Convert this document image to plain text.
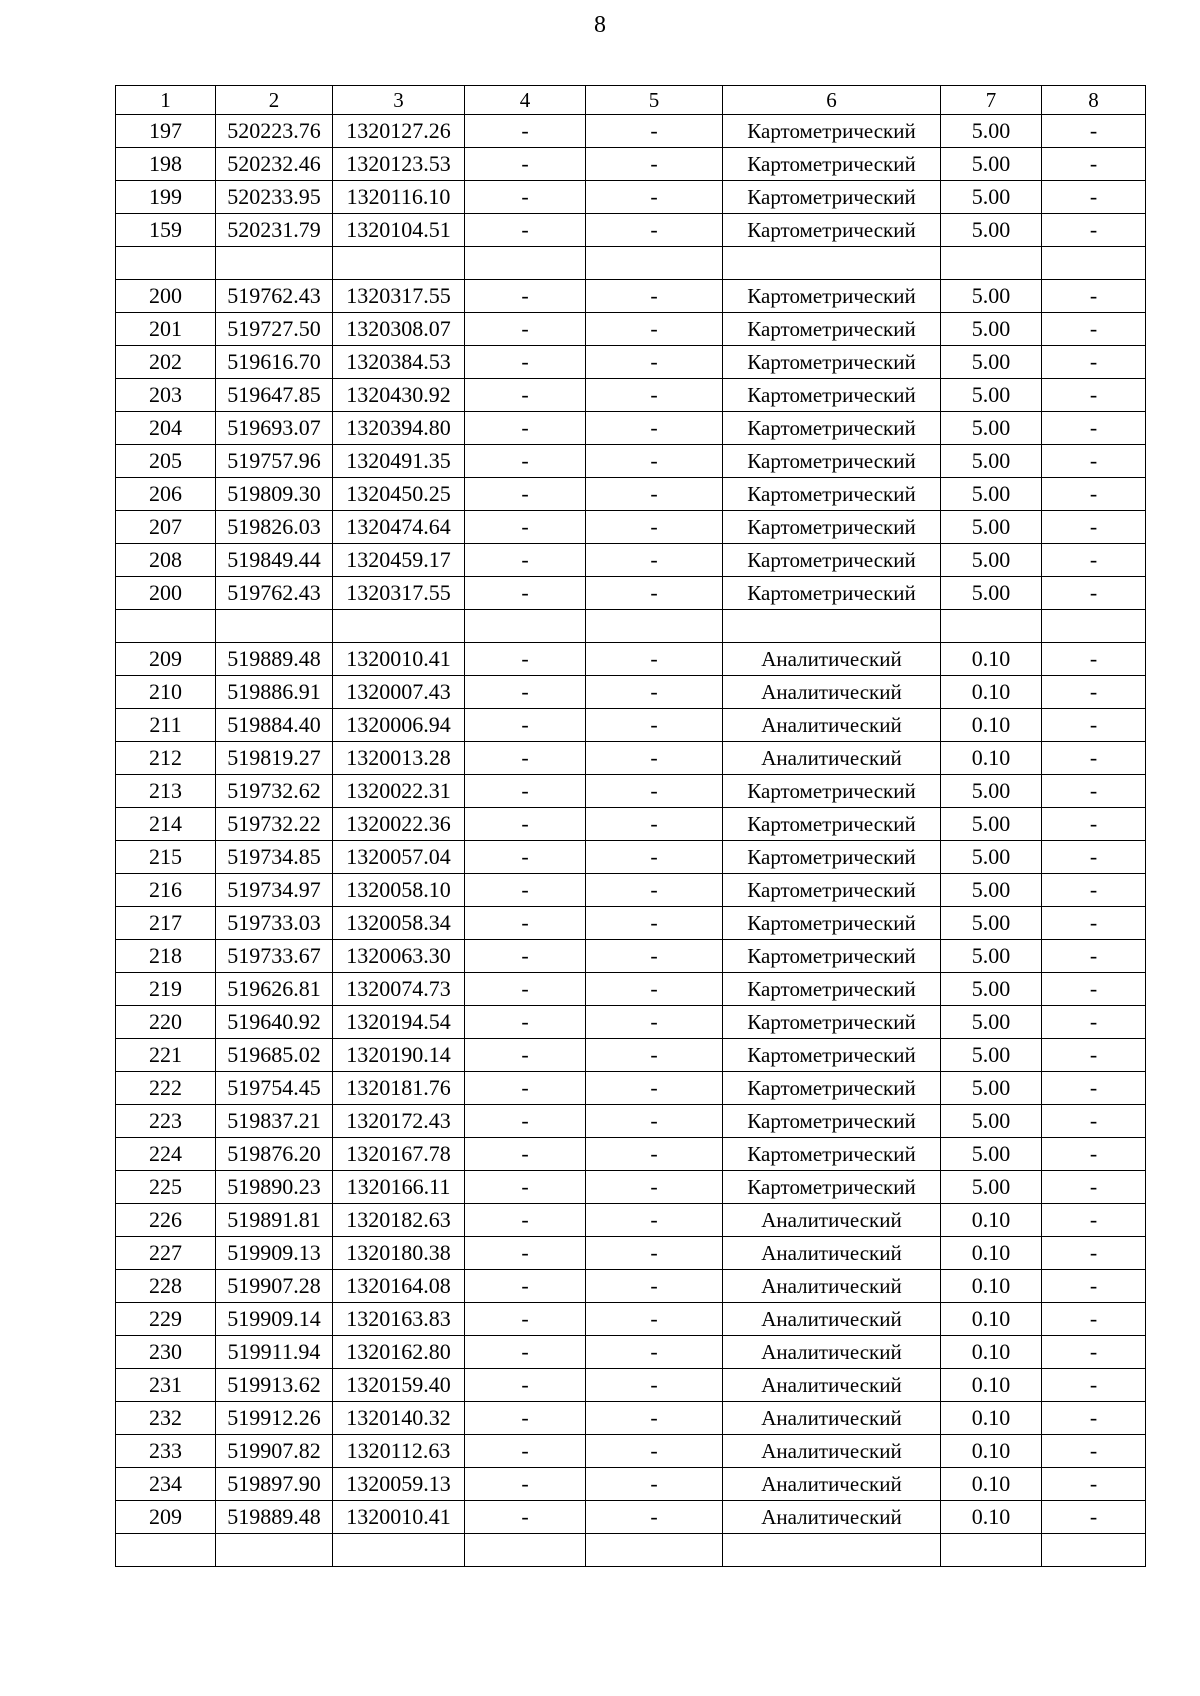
8
1	2	3	4	5	6	7	8
197	520223.76	1320127.26	-	-	Картометрический	5.00	-
198	520232.46	1320123.53	-	-	Картометрический	5.00	-
199	520233.95	1320116.10	-	-	Картометрический	5.00	-
159	520231.79	1320104.51	-	-	Картометрический	5.00	-

200	519762.43	1320317.55	-	-	Картометрический	5.00	-
201	519727.50	1320308.07	-	-	Картометрический	5.00	-
202	519616.70	1320384.53	-	-	Картометрический	5.00	-
203	519647.85	1320430.92	-	-	Картометрический	5.00	-
204	519693.07	1320394.80	-	-	Картометрический	5.00	-
205	519757.96	1320491.35	-	-	Картометрический	5.00	-
206	519809.30	1320450.25	-	-	Картометрический	5.00	-
207	519826.03	1320474.64	-	-	Картометрический	5.00	-
208	519849.44	1320459.17	-	-	Картометрический	5.00	-
200	519762.43	1320317.55	-	-	Картометрический	5.00	-

209	519889.48	1320010.41	-	-	Аналитический	0.10	-
210	519886.91	1320007.43	-	-	Аналитический	0.10	-
211	519884.40	1320006.94	-	-	Аналитический	0.10	-
212	519819.27	1320013.28	-	-	Аналитический	0.10	-
213	519732.62	1320022.31	-	-	Картометрический	5.00	-
214	519732.22	1320022.36	-	-	Картометрический	5.00	-
215	519734.85	1320057.04	-	-	Картометрический	5.00	-
216	519734.97	1320058.10	-	-	Картометрический	5.00	-
217	519733.03	1320058.34	-	-	Картометрический	5.00	-
218	519733.67	1320063.30	-	-	Картометрический	5.00	-
219	519626.81	1320074.73	-	-	Картометрический	5.00	-
220	519640.92	1320194.54	-	-	Картометрический	5.00	-
221	519685.02	1320190.14	-	-	Картометрический	5.00	-
222	519754.45	1320181.76	-	-	Картометрический	5.00	-
223	519837.21	1320172.43	-	-	Картометрический	5.00	-
224	519876.20	1320167.78	-	-	Картометрический	5.00	-
225	519890.23	1320166.11	-	-	Картометрический	5.00	-
226	519891.81	1320182.63	-	-	Аналитический	0.10	-
227	519909.13	1320180.38	-	-	Аналитический	0.10	-
228	519907.28	1320164.08	-	-	Аналитический	0.10	-
229	519909.14	1320163.83	-	-	Аналитический	0.10	-
230	519911.94	1320162.80	-	-	Аналитический	0.10	-
231	519913.62	1320159.40	-	-	Аналитический	0.10	-
232	519912.26	1320140.32	-	-	Аналитический	0.10	-
233	519907.82	1320112.63	-	-	Аналитический	0.10	-
234	519897.90	1320059.13	-	-	Аналитический	0.10	-
209	519889.48	1320010.41	-	-	Аналитический	0.10	-
